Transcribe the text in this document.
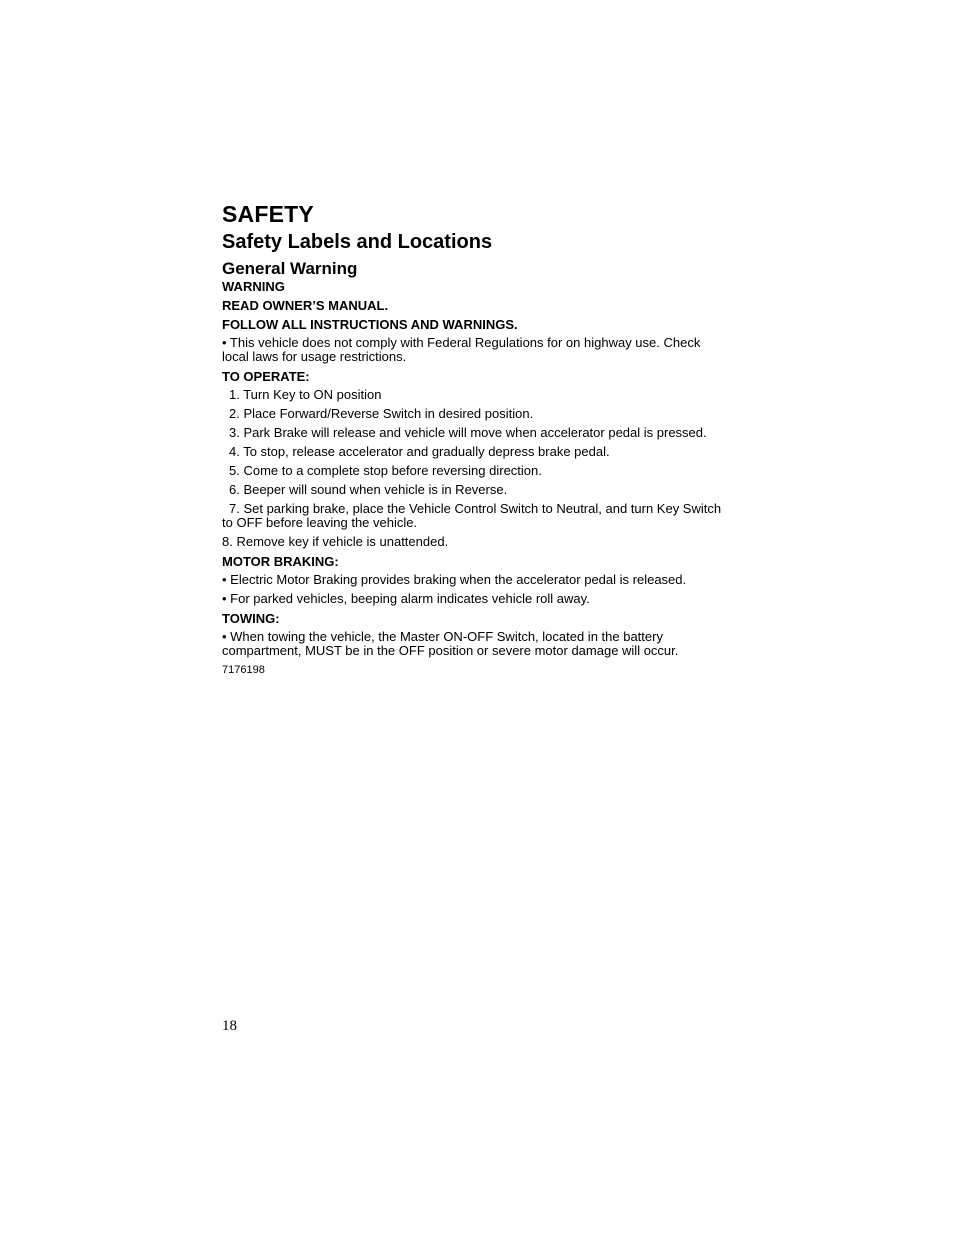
SAFETY
Safety Labels and Locations
General Warning
WARNING
READ OWNER’S MANUAL.
FOLLOW ALL INSTRUCTIONS AND WARNINGS.
• This vehicle does not comply with Federal Regulations for on highway use. Check local laws for usage restrictions.
TO OPERATE:
1. Turn Key to ON position
2. Place Forward/Reverse Switch in desired position.
3. Park Brake will release and vehicle will move when accelerator pedal is pressed.
4. To stop, release accelerator and gradually depress brake pedal.
5. Come to a complete stop before reversing direction.
6. Beeper will sound when vehicle is in Reverse.
7. Set parking brake, place the Vehicle Control Switch to Neutral, and turn Key Switch to OFF before leaving the vehicle.
8. Remove key if vehicle is unattended.
MOTOR BRAKING:
• Electric Motor Braking provides braking when the accelerator pedal is released.
• For parked vehicles, beeping alarm indicates vehicle roll away.
TOWING:
• When towing the vehicle, the Master ON-OFF Switch, located in the battery compartment, MUST be in the OFF position or severe motor damage will occur.
7176198
18
